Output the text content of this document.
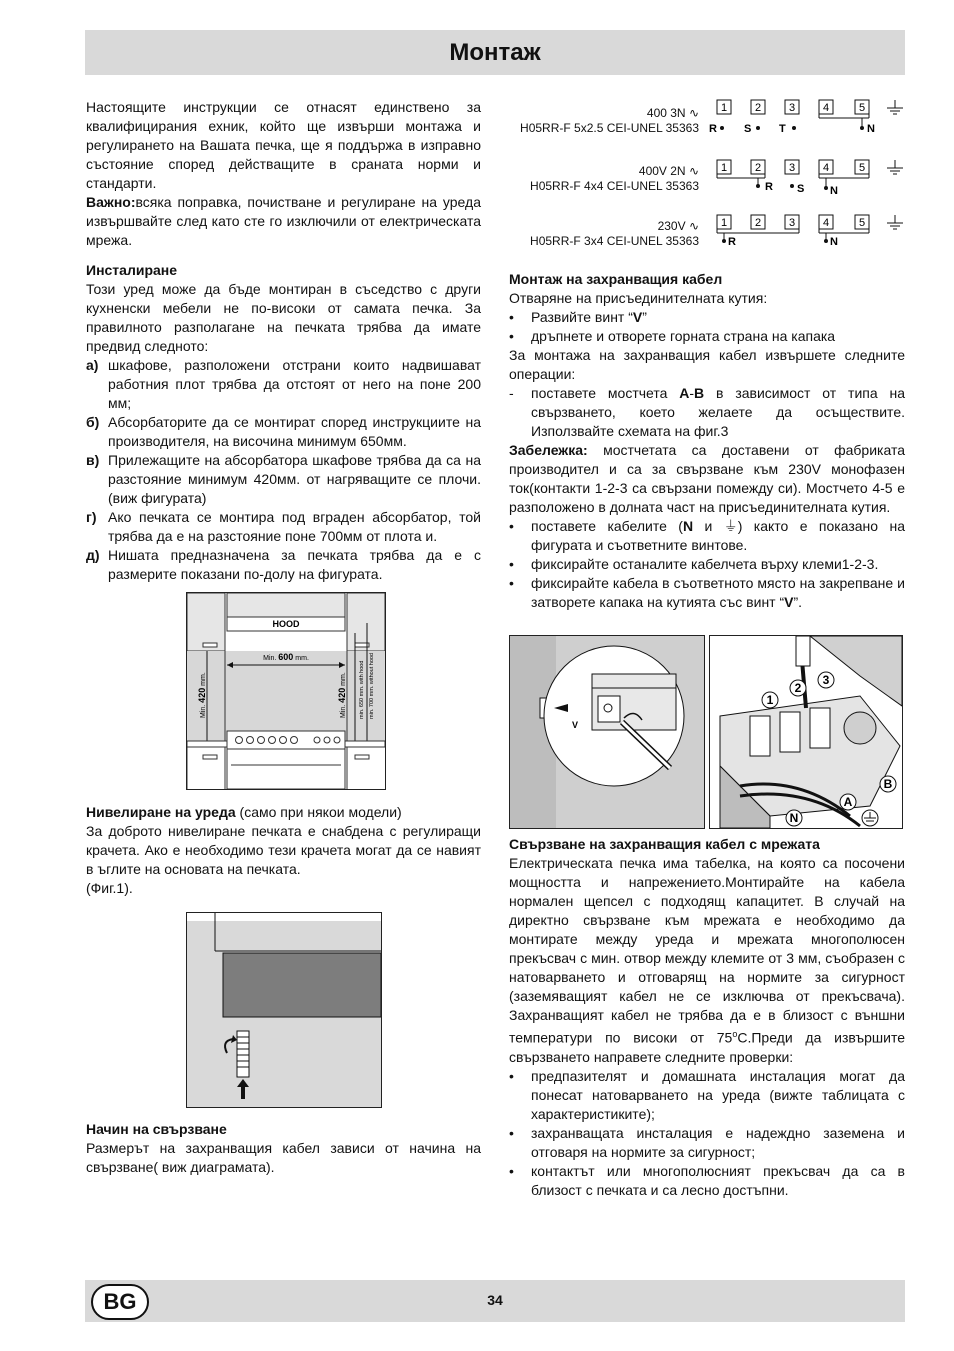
Монтаж

Настоящите инструкции се отнасят единствено за квалифицирания ехник, който ще извърши монтажа и регулирането на Вашата печка, ще я поддържа в изправно състояние според действащите в сраната норми и стандарти.

Важно:всяка поправка, почистване и регулиране на уреда извършвайте след като сте го изключили от електрическата мрежа.

Инсталиране

Този уред може да бъде монтиран в съседство с други кухненски мебели не по-високи от самата печка. За правилното разполагане на печката трябва да имате предвид следното:

а) шкафове, разположени отстрани които надвишават работния плот трябва да отстоят от него на поне 200 мм;
б) Абсорбаторите да се монтират според инструкциите на производителя, на височина минимум 650мм.
в) Прилежащите на абсорбатора шкафове трябва да са на разстояние минимум 420мм. от нагряващите се плочи.(виж фигурата)
г) Ако печката се монтира под вграден абсорбатор, той трябва да е на разстояние поне 700мм от плота и.
д) Нишата предназначена за печката трябва да е с размерите показани по-долу на фигурата.
HOOD
Min. 600 mm.
Min. 420 mm.
Min. 420 mm. min. 650 mm. with hood min. 700 mm. without hood

Нивелиране на уреда (само при някои модели)

За доброто нивелиране печката е снабдена с регулиращи крачета. Ако е необходимо тези крачета могат да се навият в ъглите на основата на печката.

(Фиг.1).

Начин на свързване

Размерът на захранващия кабел зависи от начина на свързване( виж диаграмата).

400 3N ∿
H05RR-F 5x2.5 CEI-UNEL 35363
1	2	3	4	5
R S	T	N
400V 2N ∿
H05RR-F 4x4 CEI-UNEL 35363
1	2	3	4	5
R S N
230V ∿
H05RR-F 3x4 CEI-UNEL 35363
1	2	3	4	5
R	N

Монтаж на захранващия кабел

Отваряне на присъединителната кутия:

•	Развийте винт “V”
•	дръпнете и отворете горната страна на капака

За монтажа на захранващия кабел извършете следните операции:

-	поставете мостчета A-B в зависимост от типа на свързването, което желаете да осъществите. Използвайте схемата на фиг.3

Забележка: мостчетата са доставени от фабриката производител и са за свързване към 230V монофазен ток(контакти 1-2-3 са свързани помежду си). Мостчето 4-5 е разположено в долната част на присъединителната кутия.

•	поставете кабелите (N и ⏚) както е показано на фигурата и съответните винтове.
•	фиксирайте останалите кабелчета върху клеми1-2-3.
•	фиксирайте кабела в съответното място на закрепване и затворете капака на кутията със винт “V”.
V
1
2
3
A
B
N

Свързване на захранващия кабел с мрежата

Електрическата печка има табелка, на която са посочени мощността и напрежението.Монтирайте на кабела нормален щепсел с подходящ капацитет. В случай на директно свързване към мрежата е необходимо да монтирате между уреда и мрежата многополюсен прекъсвач с мин. отвор между клемите от 3 мм, съобразен с натоварването и отговарящ на нормите за сигурност (заземяващият кабел не се изключва от прекъсвача). Захранващият кабел не трябва да е в близост с външни температури по високи от 75$^o$C.Преди да извършите свързването направете следните проверки:

•	предпазителят и домашната инсталация могат да понесат натоварването на уреда (вижте таблицата с характеристиките);
•	захранващата инсталация е надеждно заземена и отговаря на нормите за сигурност;
•	контактът или многополюсният прекъсвач да са в близост с печката и са лесно достъпни.
BG	34
